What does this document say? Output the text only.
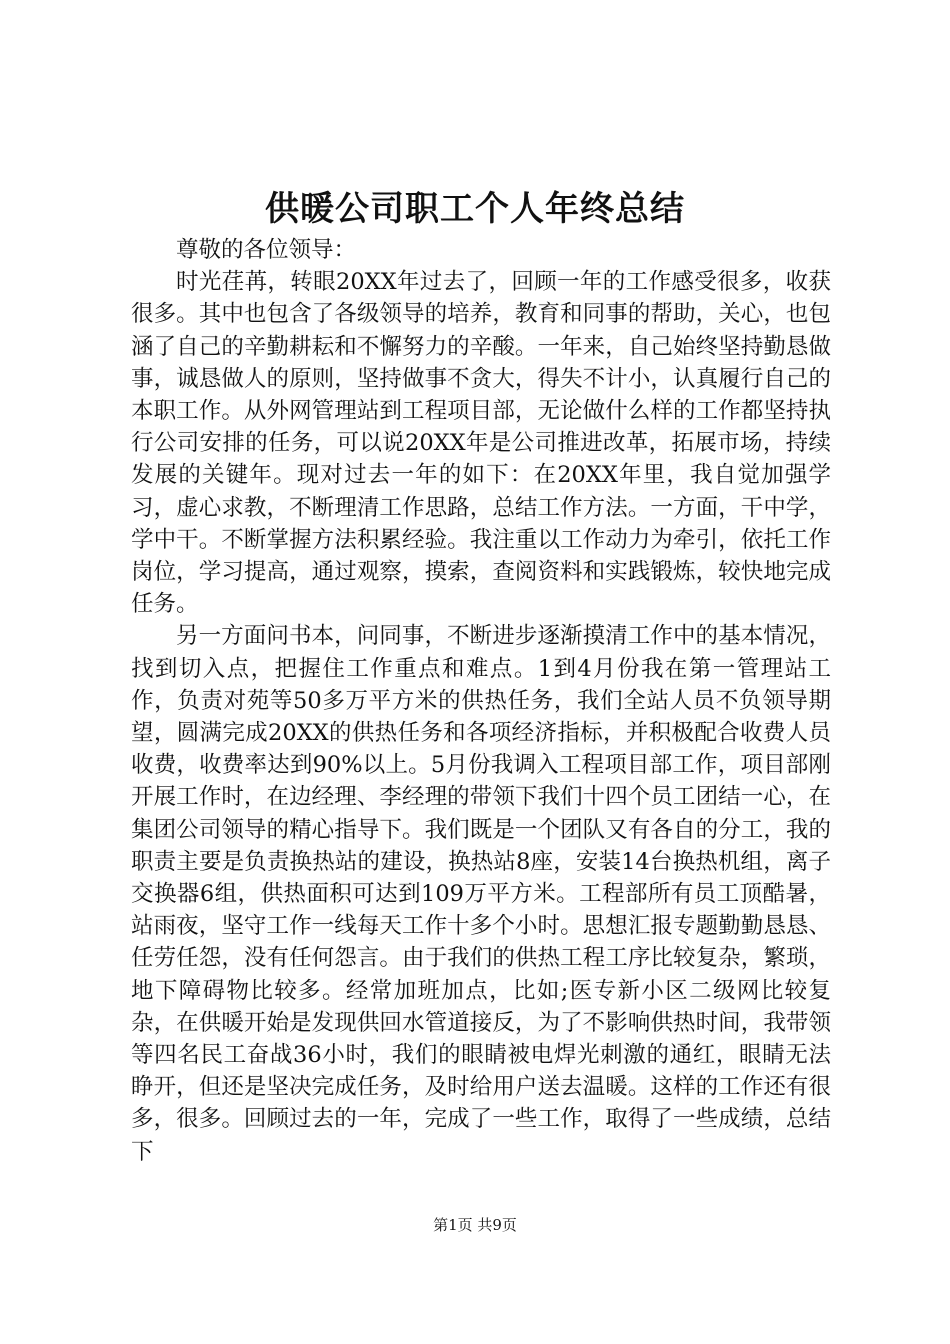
供暖公司职工个人年终总结

尊敬的各位领导：

时光荏苒，转眼20XX年过去了，回顾一年的工作感受很多，收获很多。其中也包含了各级领导的培养，教育和同事的帮助，关心，也包涵了自己的辛勤耕耘和不懈努力的辛酸。一年来，自己始终坚持勤恳做事，诚恳做人的原则，坚持做事不贪大，得失不计小，认真履行自己的本职工作。从外网管理站到工程项目部，无论做什么样的工作都坚持执行公司安排的任务，可以说20XX年是公司推进改革，拓展市场，持续发展的关键年。现对过去一年的如下：在20XX年里，我自觉加强学习，虚心求教，不断理清工作思路，总结工作方法。一方面，干中学，学中干。不断掌握方法积累经验。我注重以工作动力为牵引，依托工作岗位，学习提高，通过观察，摸索，查阅资料和实践锻炼，较快地完成任务。

另一方面问书本，问同事，不断进步逐渐摸清工作中的基本情况，找到切入点，把握住工作重点和难点。1到4月份我在第一管理站工作，负责对苑等50多万平方米的供热任务，我们全站人员不负领导期望，圆满完成20XX的供热任务和各项经济指标，并积极配合收费人员收费，收费率达到90%以上。5月份我调入工程项目部工作，项目部刚开展工作时，在边经理、李经理的带领下我们十四个员工团结一心，在集团公司领导的精心指导下。我们既是一个团队又有各自的分工，我的职责主要是负责换热站的建设，换热站8座，安装14台换热机组，离子交换器6组，供热面积可达到109万平方米。工程部所有员工顶酷暑，站雨夜，坚守工作一线每天工作十多个小时。思想汇报专题勤勤恳恳、任劳任怨，没有任何怨言。由于我们的供热工程工序比较复杂，繁琐，地下障碍物比较多。经常加班加点，比如;医专新小区二级网比较复杂，在供暖开始是发现供回水管道接反，为了不影响供热时间，我带领等四名民工奋战36小时，我们的眼睛被电焊光刺激的通红，眼睛无法睁开，但还是坚决完成任务，及时给用户送去温暖。这样的工作还有很多，很多。回顾过去的一年，完成了一些工作，取得了一些成绩，总结下

第1页 共9页
